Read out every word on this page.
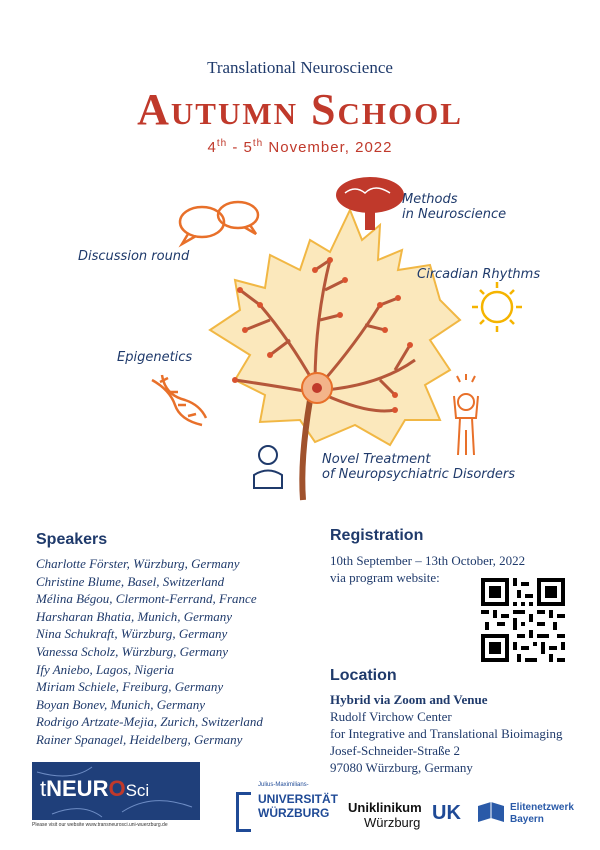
Translational Neuroscience
Autumn School
4th - 5th November, 2022
Methods
in Neuroscience
Discussion round
Circadian Rhythms
Epigenetics
Novel Treatment
of Neuropsychiatric Disorders
Speakers
Charlotte Förster, Würzburg, Germany
Christine Blume, Basel, Switzerland
Mélina Bégou, Clermont-Ferrand, France
Harsharan Bhatia, Munich, Germany
Nina Schukraft, Würzburg, Germany
Vanessa Scholz, Würzburg, Germany
Ify Aniebo, Lagos, Nigeria
Miriam Schiele, Freiburg, Germany
Boyan Bonev, Munich, Germany
Rodrigo Artzate-Mejia, Zurich, Switzerland
Rainer Spanagel, Heidelberg, Germany
Registration
10th September – 13th October, 2022
via program website:
Location
Hybrid via Zoom and Venue
Rudolf Virchow Center
for Integrative and Translational Bioimaging
Josef-Schneider-Straße 2
97080 Würzburg, Germany
tNEUROSci
Please visit our website www.transneurosci.uni-wuerzburg.de
Julius-Maximilians-
UNIVERSITÄT
WÜRZBURG Uniklinikum
Würzburg UK	Elitenetzwerk
Bayern
